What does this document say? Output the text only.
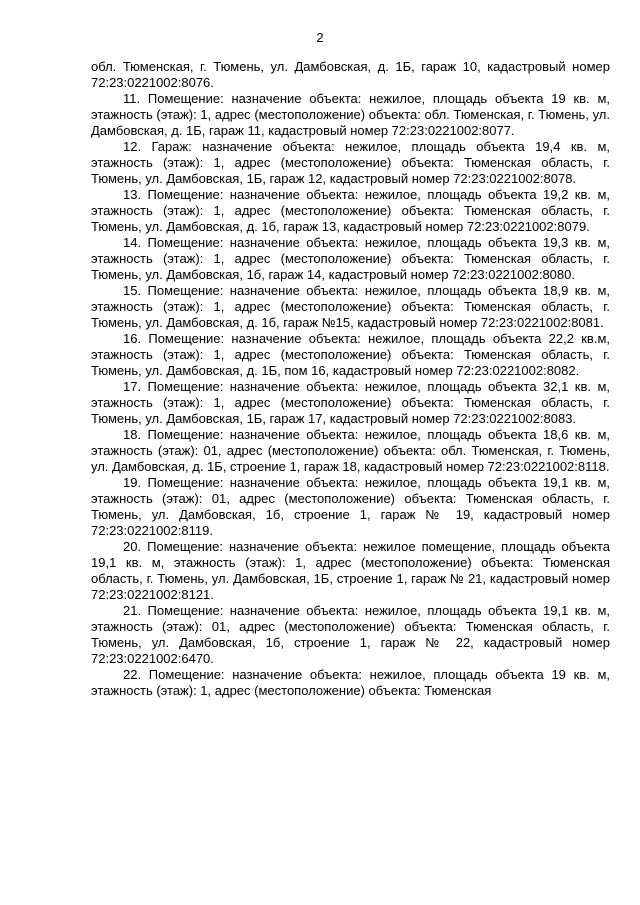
2

обл. Тюменская, г. Тюмень, ул. Дамбовская, д. 1Б, гараж 10, кадастровый номер 72:23:0221002:8076.

11. Помещение: назначение объекта: нежилое, площадь объекта 19 кв. м, этажность (этаж): 1, адрес (местоположение) объекта: обл. Тюменская, г. Тюмень, ул. Дамбовская, д. 1Б, гараж 11, кадастровый номер 72:23:0221002:8077.

12. Гараж: назначение объекта: нежилое, площадь объекта 19,4 кв. м, этажность (этаж): 1, адрес (местоположение) объекта: Тюменская область, г. Тюмень, ул. Дамбовская, 1Б, гараж 12, кадастровый номер 72:23:0221002:8078.

13. Помещение: назначение объекта: нежилое, площадь объекта 19,2 кв. м, этажность (этаж): 1, адрес (местоположение) объекта: Тюменская область, г. Тюмень, ул. Дамбовская, д. 1б, гараж 13, кадастровый номер 72:23:0221002:8079.

14. Помещение: назначение объекта: нежилое, площадь объекта 19,3 кв. м, этажность (этаж): 1, адрес (местоположение) объекта: Тюменская область, г. Тюмень, ул. Дамбовская, 1б, гараж 14, кадастровый номер 72:23:0221002:8080.

15. Помещение: назначение объекта: нежилое, площадь объекта 18,9 кв. м, этажность (этаж): 1, адрес (местоположение) объекта: Тюменская область, г. Тюмень, ул. Дамбовская, д. 1б, гараж №15, кадастровый номер 72:23:0221002:8081.

16. Помещение: назначение объекта: нежилое, площадь объекта 22,2 кв.м, этажность (этаж): 1, адрес (местоположение) объекта: Тюменская область, г. Тюмень, ул. Дамбовская, д. 1Б, пом 16, кадастровый номер 72:23:0221002:8082.

17. Помещение: назначение объекта: нежилое, площадь объекта 32,1 кв. м, этажность (этаж): 1, адрес (местоположение) объекта: Тюменская область, г. Тюмень, ул. Дамбовская, 1Б, гараж 17, кадастровый номер 72:23:0221002:8083.

18. Помещение: назначение объекта: нежилое, площадь объекта 18,6 кв. м, этажность (этаж): 01, адрес (местоположение) объекта: обл. Тюменская, г. Тюмень, ул. Дамбовская, д. 1Б, строение 1, гараж 18, кадастровый номер 72:23:0221002:8118.

19. Помещение: назначение объекта: нежилое, площадь объекта 19,1 кв. м, этажность (этаж): 01, адрес (местоположение) объекта: Тюменская область, г. Тюмень, ул. Дамбовская, 1б, строение 1, гараж № 19, кадастровый номер 72:23:0221002:8119.

20. Помещение: назначение объекта: нежилое помещение, площадь объекта 19,1 кв. м, этажность (этаж): 1, адрес (местоположение) объекта: Тюменская область, г. Тюмень, ул. Дамбовская, 1Б, строение 1, гараж № 21, кадастровый номер 72:23:0221002:8121.

21. Помещение: назначение объекта: нежилое, площадь объекта 19,1 кв. м, этажность (этаж): 01, адрес (местоположение) объекта: Тюменская область, г. Тюмень, ул. Дамбовская, 1б, строение 1, гараж № 22, кадастровый номер 72:23:0221002:6470.

22. Помещение: назначение объекта: нежилое, площадь объекта 19 кв. м, этажность (этаж): 1, адрес (местоположение) объекта: Тюменская
